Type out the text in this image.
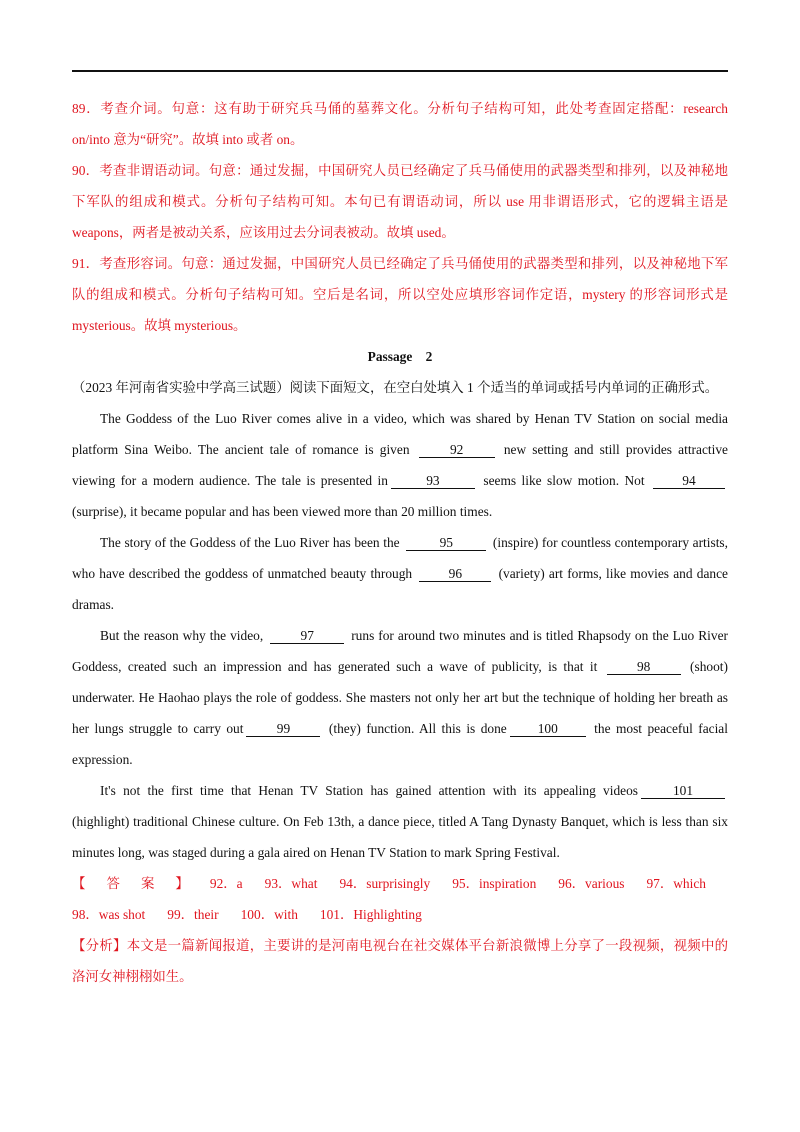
89．考查介词。句意：这有助于研究兵马俑的墓葬文化。分析句子结构可知，此处考查固定搭配：research on/into 意为“研究”。故填 into 或者 on。

90．考查非谓语动词。句意：通过发掘，中国研究人员已经确定了兵马俑使用的武器类型和排列，以及神秘地下军队的组成和模式。分析句子结构可知。本句已有谓语动词，所以 use 用非谓语形式，它的逻辑主语是 weapons，两者是被动关系，应该用过去分词表被动。故填 used。

91．考查形容词。句意：通过发掘，中国研究人员已经确定了兵马俑使用的武器类型和排列，以及神秘地下军队的组成和模式。分析句子结构可知。空后是名词，所以空处应填形容词作定语，mystery 的形容词形式是 mysterious。故填 mysterious。

Passage　2

（2023 年河南省实验中学高三试题）阅读下面短文，在空白处填入 1 个适当的单词或括号内单词的正确形式。

The Goddess of the Luo River comes alive in a video, which was shared by Henan TV Station on social media platform Sina Weibo. The ancient tale of romance is given	92	new setting and still provides attractive viewing for a modern audience. The tale is presented in	93	seems like slow motion. Not	94 (surprise), it became popular and has been viewed more than 20 million times.

The story of the Goddess of the Luo River has been the	95	(inspire) for countless contemporary artists, who have described the goddess of unmatched beauty through	96	(variety) art forms, like movies and dance dramas.

But the reason why the video,	97	runs for around two minutes and is titled Rhapsody on the Luo River Goddess, created such an impression and has generated such a wave of publicity, is that it	98	(shoot) underwater. He Haohao plays the role of goddess. She masters not only her art but the technique of holding her breath as her lungs struggle to carry out 99	(they) function. All this is done 100	the most peaceful facial expression.

It's not the first time that Henan TV Station has gained attention with its appealing videos	101 (highlight) traditional Chinese culture. On Feb 13th, a dance piece, titled A Tang Dynasty Banquet, which is less than six minutes long, was staged during a gala aired on Henan TV Station to mark Spring Festival.

【答案】92．a 93．what 94．surprisingly 95．inspiration 96．various 97．which98．was shot 99．their 100．with 101．Highlighting

【分析】本文是一篇新闻报道，主要讲的是河南电视台在社交媒体平台新浪微博上分享了一段视频，视频中的洛河女神栩栩如生。
